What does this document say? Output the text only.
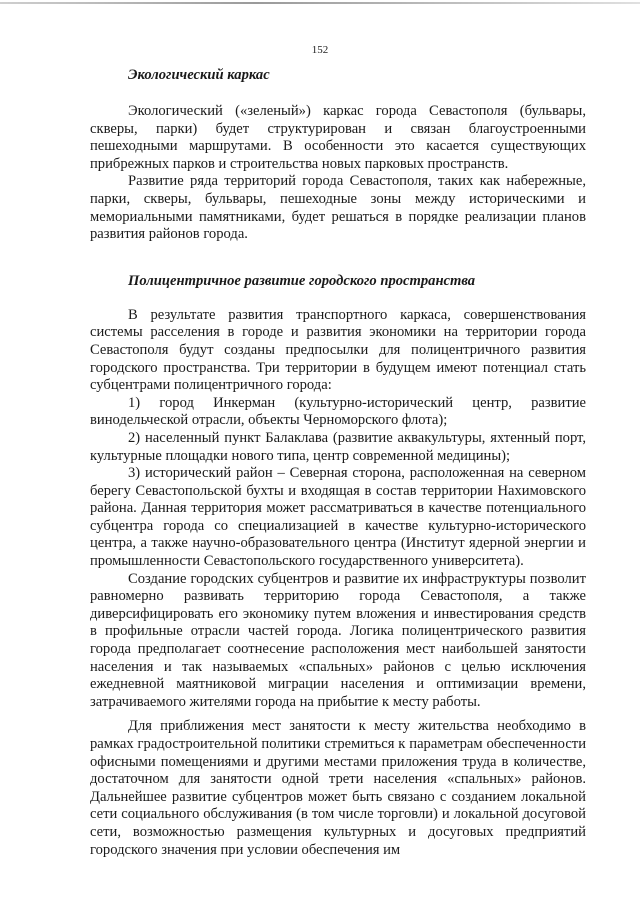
152
Экологический каркас

Экологический («зеленый») каркас города Севастополя (бульвары, скверы, парки) будет структурирован и связан благоустроенными пешеходными маршрутами. В особенности это касается существующих прибрежных парков и строительства новых парковых пространств.

Развитие ряда территорий города Севастополя, таких как набережные, парки, скверы, бульвары, пешеходные зоны между историческими и мемориальными памятниками, будет решаться в порядке реализации планов развития районов города.

Полицентричное развитие городского пространства

В результате развития транспортного каркаса, совершенствования системы расселения в городе и развития экономики на территории города Севастополя будут созданы предпосылки для полицентричного развития городского пространства. Три территории в будущем имеют потенциал стать субцентрами полицентричного города:

1) город Инкерман (культурно-исторический центр, развитие винодельческой отрасли, объекты Черноморского флота);

2) населенный пункт Балаклава (развитие аквакультуры, яхтенный порт, культурные площадки нового типа, центр современной медицины);

3) исторический район – Северная сторона, расположенная на северном берегу Севастопольской бухты и входящая в состав территории Нахимовского района. Данная территория может рассматриваться в качестве потенциального субцентра города со специализацией в качестве культурно-исторического центра, а также научно-образовательного центра (Институт ядерной энергии и промышленности Севастопольского государственного университета).

Создание городских субцентров и развитие их инфраструктуры позволит равномерно развивать территорию города Севастополя, а также диверсифицировать его экономику путем вложения и инвестирования средств в профильные отрасли частей города. Логика полицентрического развития города предполагает соотнесение расположения мест наибольшей занятости населения и так называемых «спальных» районов с целью исключения ежедневной маятниковой миграции населения и оптимизации времени, затрачиваемого жителями города на прибытие к месту работы.

Для приближения мест занятости к месту жительства необходимо в рамках градостроительной политики стремиться к параметрам обеспеченности офисными помещениями и другими местами приложения труда в количестве, достаточном для занятости одной трети населения «спальных» районов. Дальнейшее развитие субцентров может быть связано с созданием локальной сети социального обслуживания (в том числе торговли) и локальной досуговой сети, возможностью размещения культурных и досуговых предприятий городского значения при условии обеспечения им
